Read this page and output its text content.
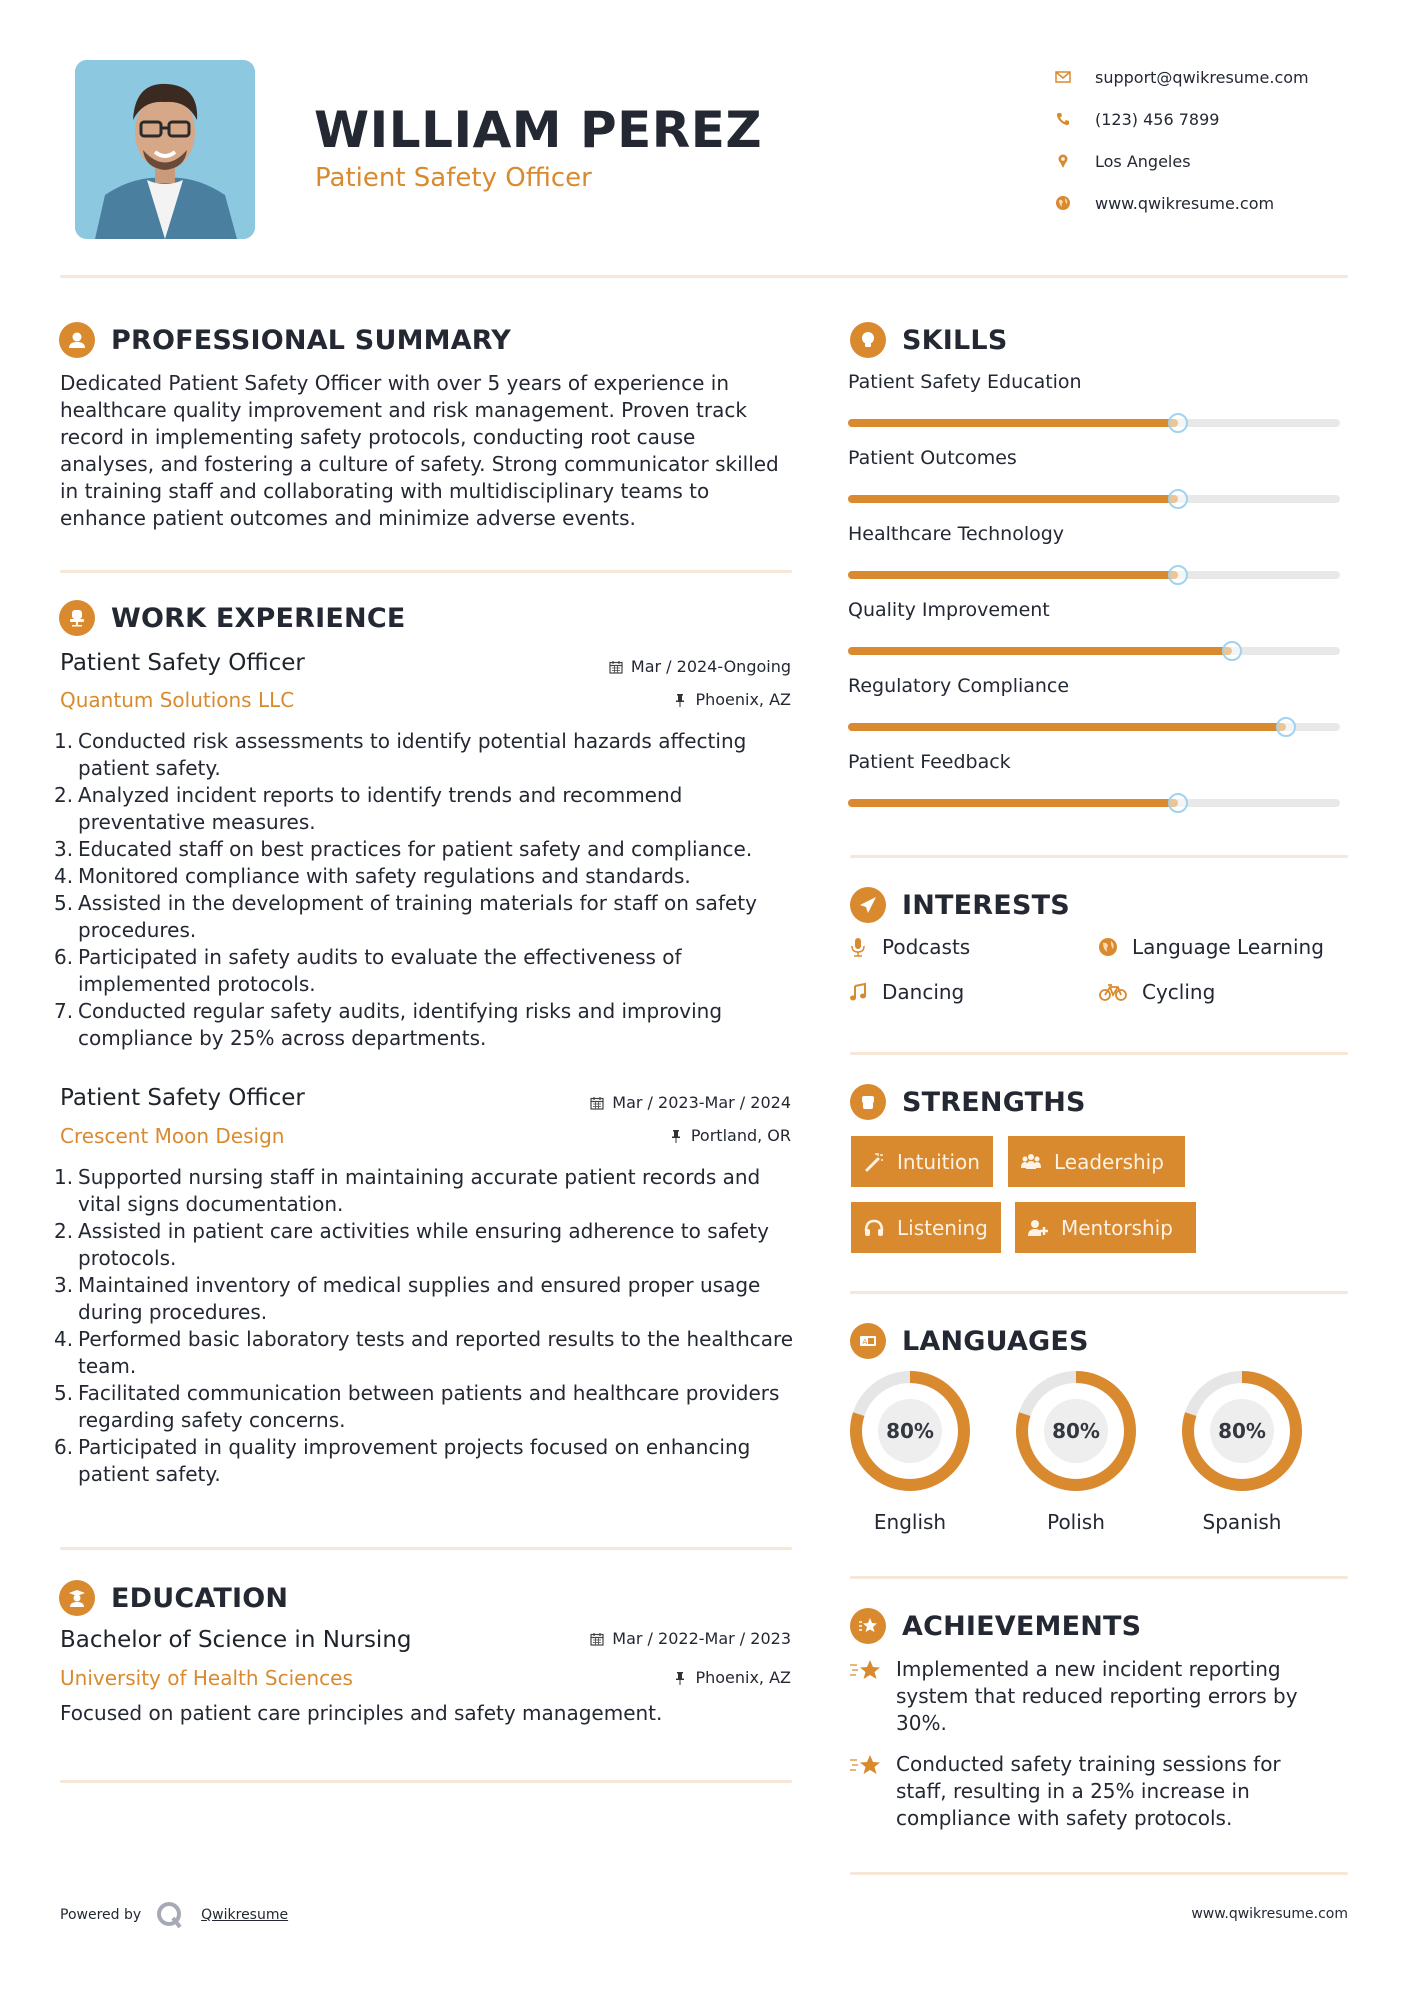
WILLIAM PEREZ
Patient Safety Officer
support@qwikresume.com
(123) 456 7899
Los Angeles
www.qwikresume.com
PROFESSIONAL SUMMARY
Dedicated Patient Safety Officer with over 5 years of experience in healthcare quality improvement and risk management. Proven track record in implementing safety protocols, conducting root cause analyses, and fostering a culture of safety. Strong communicator skilled in training staff and collaborating with multidisciplinary teams to enhance patient outcomes and minimize adverse events.
WORK EXPERIENCE
Patient Safety Officer
Quantum Solutions LLC
Mar / 2024-Ongoing
Phoenix, AZ
1. Conducted risk assessments to identify potential hazards affecting patient safety.
2. Analyzed incident reports to identify trends and recommend preventative measures.
3. Educated staff on best practices for patient safety and compliance.
4. Monitored compliance with safety regulations and standards.
5. Assisted in the development of training materials for staff on safety procedures.
6. Participated in safety audits to evaluate the effectiveness of implemented protocols.
7. Conducted regular safety audits, identifying risks and improving compliance by 25% across departments.
Patient Safety Officer
Crescent Moon Design
Mar / 2023-Mar / 2024
Portland, OR
1. Supported nursing staff in maintaining accurate patient records and vital signs documentation.
2. Assisted in patient care activities while ensuring adherence to safety protocols.
3. Maintained inventory of medical supplies and ensured proper usage during procedures.
4. Performed basic laboratory tests and reported results to the healthcare team.
5. Facilitated communication between patients and healthcare providers regarding safety concerns.
6. Participated in quality improvement projects focused on enhancing patient safety.
EDUCATION
Bachelor of Science in Nursing
University of Health Sciences
Mar / 2022-Mar / 2023
Phoenix, AZ
Focused on patient care principles and safety management.
SKILLS
Patient Safety Education
Patient Outcomes
Healthcare Technology
Quality Improvement
Regulatory Compliance
Patient Feedback
INTERESTS
Podcasts	Language Learning
Dancing	Cycling
STRENGTHS
Intuition	Leadership
Listening	Mentorship
A LANGUAGES
80%
English
80%
Polish
80%
Spanish
ACHIEVEMENTS
Implemented a new incident reporting system that reduced reporting errors by 30%.
Conducted safety training sessions for staff, resulting in a 25% increase in compliance with safety protocols.
Powered by	Qwikresume	www.qwikresume.com
